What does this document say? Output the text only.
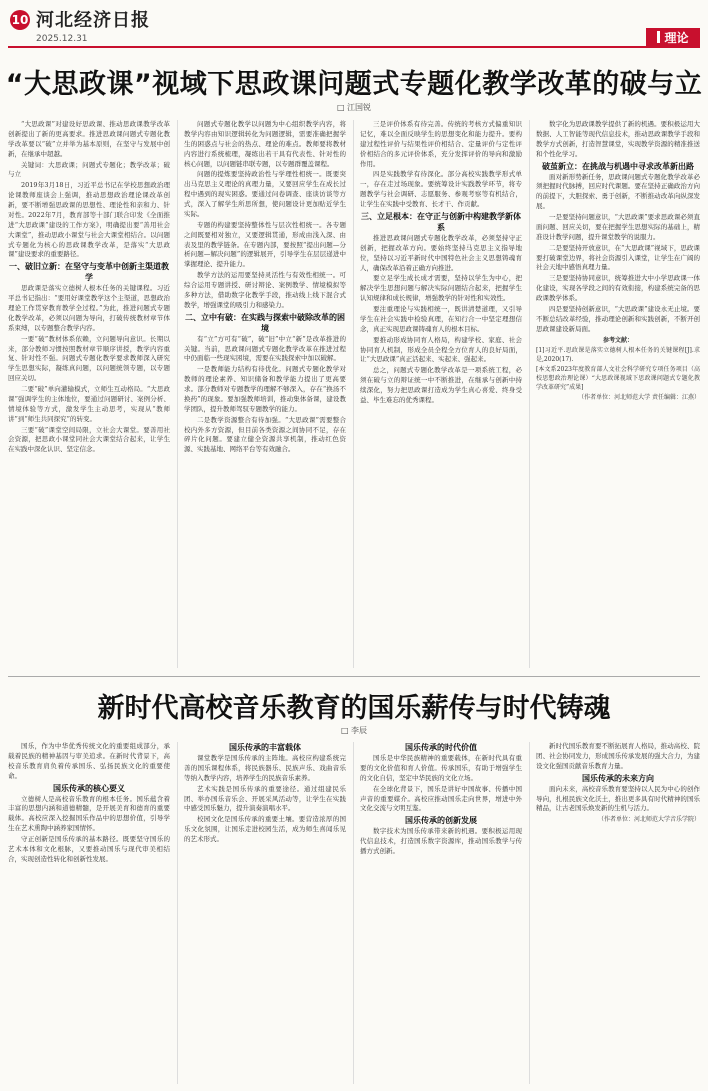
10 河北经济日报
2025.12.31	理论
“大思政课”视域下思政课问题式专题化教学改革的破与立
□ 江国锐

“大思政课”对建设好思政课、推动思政课教学改革创新提出了新的更高要求。推进思政课问题式专题化教学改革要以“破”立并举为基本原则，在坚守与发展中创新，在继承中超越。

关键词：大思政课；问题式专题化；教学改革；破与立

2019年3月18日，习近平总书记在学校思想政治理论课教师座谈会上强调，推动思想政治理论课改革创新，要不断增强思政课的思想性、理论性和亲和力、针对性。2022年7月，教育部等十部门联合印发《全面推进“大思政课”建设的工作方案》，明确提出要“善用社会大课堂”，推动思政小课堂与社会大课堂相结合。以问题式专题化为核心的思政课教学改革，是落实“大思政课”建设要求的重要路径。

一、破旧立新：在坚守与变革中创新主渠道教学

思政课是落实立德树人根本任务的关键课程。习近平总书记指出：“要用好课堂教学这个主渠道，思想政治理论工作贯穿教育教学全过程。”为此，推进问题式专题化教学改革，必须以问题为导向，打破传统教材章节体系束缚，以专题整合教学内容。

一要“破”教材体系依赖，立问题导向意识。长期以来，部分教师习惯按照教材章节顺序讲授，教学内容重复、针对性不强。问题式专题化教学要求教师深入研究学生思想实际，凝练真问题，以问题统领专题，以专题回应关切。

二要“破”单向灌输模式，立师生互动格局。“大思政课”强调学生的主体地位，要通过问题研讨、案例分析、情境体验等方式，激发学生主动思考，实现从“教师讲”到“师生共同探究”的转变。

三要“破”课堂空间局限，立社会大课堂。要善用社会资源，把思政小课堂同社会大课堂结合起来，让学生在实践中深化认识、坚定信念。

问题式专题化教学以问题为中心组织教学内容，将教学内容由知识逻辑转化为问题逻辑，需要准确把握学生的困惑点与社会的热点、理论的难点。教师要将教材内容进行系统梳理，凝练出若干具有代表性、针对性的核心问题，以问题链串联专题，以专题群覆盖课程。

问题的提炼要坚持政治性与学理性相统一。既要突出马克思主义理论的真理力量，又要回应学生在成长过程中遇到的现实困惑。要通过问卷调查、座谈访谈等方式，深入了解学生所思所想，使问题设计更加贴近学生实际。

专题的构建要坚持整体性与层次性相统一。各专题之间既要相对独立，又要逻辑贯通，形成由浅入深、由表及里的教学链条。在专题内部，要按照“提出问题—分析问题—解决问题”的逻辑展开，引导学生在层层递进中掌握理论、提升能力。

教学方法的运用要坚持灵活性与有效性相统一。可综合运用专题讲授、研讨辩论、案例教学、情境模拟等多种方法，借助数字化教学手段，推动线上线下混合式教学，增强课堂的吸引力和感染力。

二、立中有破：在实践与探索中破除改革的困境

有“立”方可有“破”，破“旧”中立“新”是改革推进的关键。当前，思政课问题式专题化教学改革在推进过程中仍面临一些现实困境，需要在实践探索中加以破解。

一是教师能力结构有待优化。问题式专题化教学对教师的理论素养、知识储备和教学能力提出了更高要求。部分教师对专题教学的理解不够深入，存在“换汤不换药”的现象。要加强教师培训，推动集体备课，建设教学团队，提升教师驾驭专题教学的能力。

二是教学资源整合有待加强。“大思政课”需要整合校内外多方资源，但目前各类资源之间协同不足，存在碎片化问题。要建立健全资源共享机制，推动红色资源、实践基地、网络平台等有效融合。

三是评价体系有待完善。传统的考核方式偏重知识记忆，难以全面反映学生的思想变化和能力提升。要构建过程性评价与结果性评价相结合、定量评价与定性评价相结合的多元评价体系，充分发挥评价的导向和激励作用。

四是实践教学有待深化。部分高校实践教学形式单一，存在走过场现象。要统筹设计实践教学环节，将专题教学与社会调研、志愿服务、参观考察等有机结合，让学生在实践中受教育、长才干、作贡献。

三、立足根本：在守正与创新中构建教学新体系

推进思政课问题式专题化教学改革，必须坚持守正创新，把握改革方向。要始终坚持马克思主义指导地位，坚持以习近平新时代中国特色社会主义思想铸魂育人，确保改革沿着正确方向推进。

要立足学生成长成才需要，坚持以学生为中心，把解决学生思想问题与解决实际问题结合起来，把握学生认知规律和成长规律，增强教学的针对性和实效性。

要注重理论与实践相统一，既讲清楚道理，又引导学生在社会实践中检验真理，在知行合一中坚定理想信念，真正实现思政课铸魂育人的根本目标。

要推动形成协同育人格局，构建学校、家庭、社会协同育人机制，形成全员全程全方位育人的良好局面，让“大思政课”真正活起来、实起来、强起来。

总之，问题式专题化教学改革是一项系统工程，必须在破与立的辩证统一中不断推进，在继承与创新中持续深化，努力把思政课打造成为学生真心喜爱、终身受益、毕生难忘的优秀课程。

数字化为思政课教学提供了新的机遇。要积极运用大数据、人工智能等现代信息技术，推动思政课教学手段和教学方式创新，打造智慧课堂，实现教学资源的精准推送和个性化学习。

破茧新立：在挑战与机遇中寻求改革新出路

面对新形势新任务，思政课问题式专题化教学改革必须把握时代脉搏，回应时代课题。要在坚持正确政治方向的前提下，大胆探索、勇于创新，不断推动改革向纵深发展。

一是要坚持问题意识，“大思政课”要求思政课必须直面问题、回应关切，要在把握学生思想实际的基础上，精准设计教学问题，提升课堂教学的说服力。

二是要坚持开放意识，在“大思政课”视域下，思政课要打破课堂边界，将社会资源引入课堂，让学生在广阔的社会天地中感悟真理力量。

三是要坚持协同意识，统筹推进大中小学思政课一体化建设，实现各学段之间的有效衔接，构建系统完备的思政课教学体系。

四是要坚持创新意识，“大思政课”建设永无止境。要不断总结改革经验，推动理论创新和实践创新，不断开创思政课建设新局面。

参考文献：

[1]习近平.思政课是落实立德树人根本任务的关键课程[J].求是,2020(17).

[本文系2023年度教育部人文社会科学研究专项任务项目（高校思想政治理论课）“大思政课视域下思政课问题式专题化教学改革研究”成果]

（作者单位：河北师范大学 责任编辑：江燕）

新时代高校音乐教育的国乐薪传与时代铸魂
□ 李辰

国乐，作为中华优秀传统文化的重要组成部分，承载着民族的精神基因与审美追求。在新时代背景下，高校音乐教育肩负着传承国乐、弘扬民族文化的重要使命。

国乐传承的核心要义

立德树人是高校音乐教育的根本任务。国乐蕴含着丰富的思想内涵和道德精髓，是开展美育和德育的重要载体。高校应深入挖掘国乐作品中的思想价值，引导学生在艺术熏陶中涵养家国情怀。

守正创新是国乐传承的基本路径。既要坚守国乐的艺术本体和文化根脉，又要推动国乐与现代审美相结合，实现创造性转化和创新性发展。

国乐传承的丰富载体

课堂教学是国乐传承的主阵地。高校应构建系统完善的国乐课程体系，将民族器乐、民族声乐、戏曲音乐等纳入教学内容，培养学生的民族音乐素养。

艺术实践是国乐传承的重要途径。通过组建民乐团、举办国乐音乐会、开展采风活动等，让学生在实践中感受国乐魅力，提升演奏演唱水平。

校园文化是国乐传承的重要土壤。要营造浓厚的国乐文化氛围，让国乐走进校园生活，成为师生喜闻乐见的艺术形式。

国乐传承的时代价值

国乐是中华民族精神的重要载体，在新时代具有重要的文化价值和育人价值。传承国乐，有助于增强学生的文化自信，坚定中华民族的文化立场。

在全球化背景下，国乐是讲好中国故事、传播中国声音的重要媒介。高校应推动国乐走向世界，增进中外文化交流与文明互鉴。

国乐传承的创新发展

数字技术为国乐传承带来新的机遇。要积极运用现代信息技术，打造国乐数字资源库，推动国乐教学与传播方式创新。

新时代国乐教育要不断拓展育人格局，推动高校、院团、社会协同发力，形成国乐传承发展的强大合力，为建设文化强国贡献音乐教育力量。

国乐传承的未来方向

面向未来，高校音乐教育要坚持以人民为中心的创作导向，扎根民族文化沃土，推出更多具有时代精神的国乐精品，让古老国乐焕发新的生机与活力。

（作者单位：河北师范大学音乐学院）
